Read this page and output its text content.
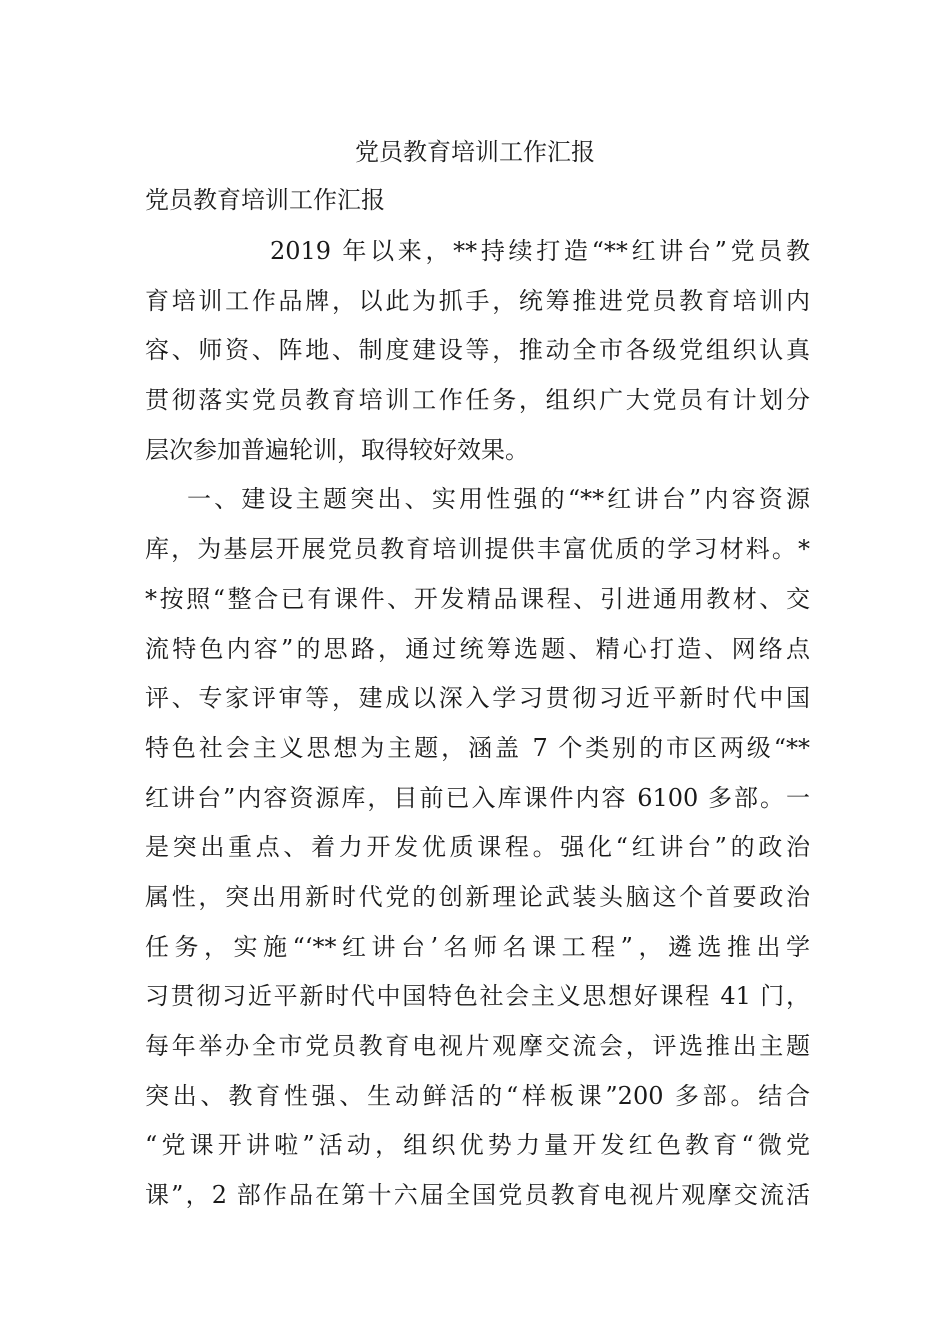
党员教育培训工作汇报
党员教育培训工作汇报
2019 年以来，**持续打造“**红讲台”党员教
育培训工作品牌，以此为抓手，统筹推进党员教育培训内
容、师资、阵地、制度建设等，推动全市各级党组织认真
贯彻落实党员教育培训工作任务，组织广大党员有计划分
层次参加普遍轮训，取得较好效果。
一、建设主题突出、实用性强的“**红讲台”内容资源
库，为基层开展党员教育培训提供丰富优质的学习材料。*
*按照“整合已有课件、开发精品课程、引进通用教材、交
流特色内容”的思路，通过统筹选题、精心打造、网络点
评、专家评审等，建成以深入学习贯彻习近平新时代中国
特色社会主义思想为主题，涵盖 7 个类别的市区两级“**
红讲台”内容资源库，目前已入库课件内容 6100 多部。一
是突出重点、着力开发优质课程。强化“红讲台”的政治
属性，突出用新时代党的创新理论武装头脑这个首要政治
任务，实施“‘**红讲台’名师名课工程”，遴选推出学
习贯彻习近平新时代中国特色社会主义思想好课程 41 门，
每年举办全市党员教育电视片观摩交流会，评选推出主题
突出、教育性强、生动鲜活的“样板课”200 多部。结合
“党课开讲啦”活动，组织优势力量开发红色教育“微党
课”，2 部作品在第十六届全国党员教育电视片观摩交流活
